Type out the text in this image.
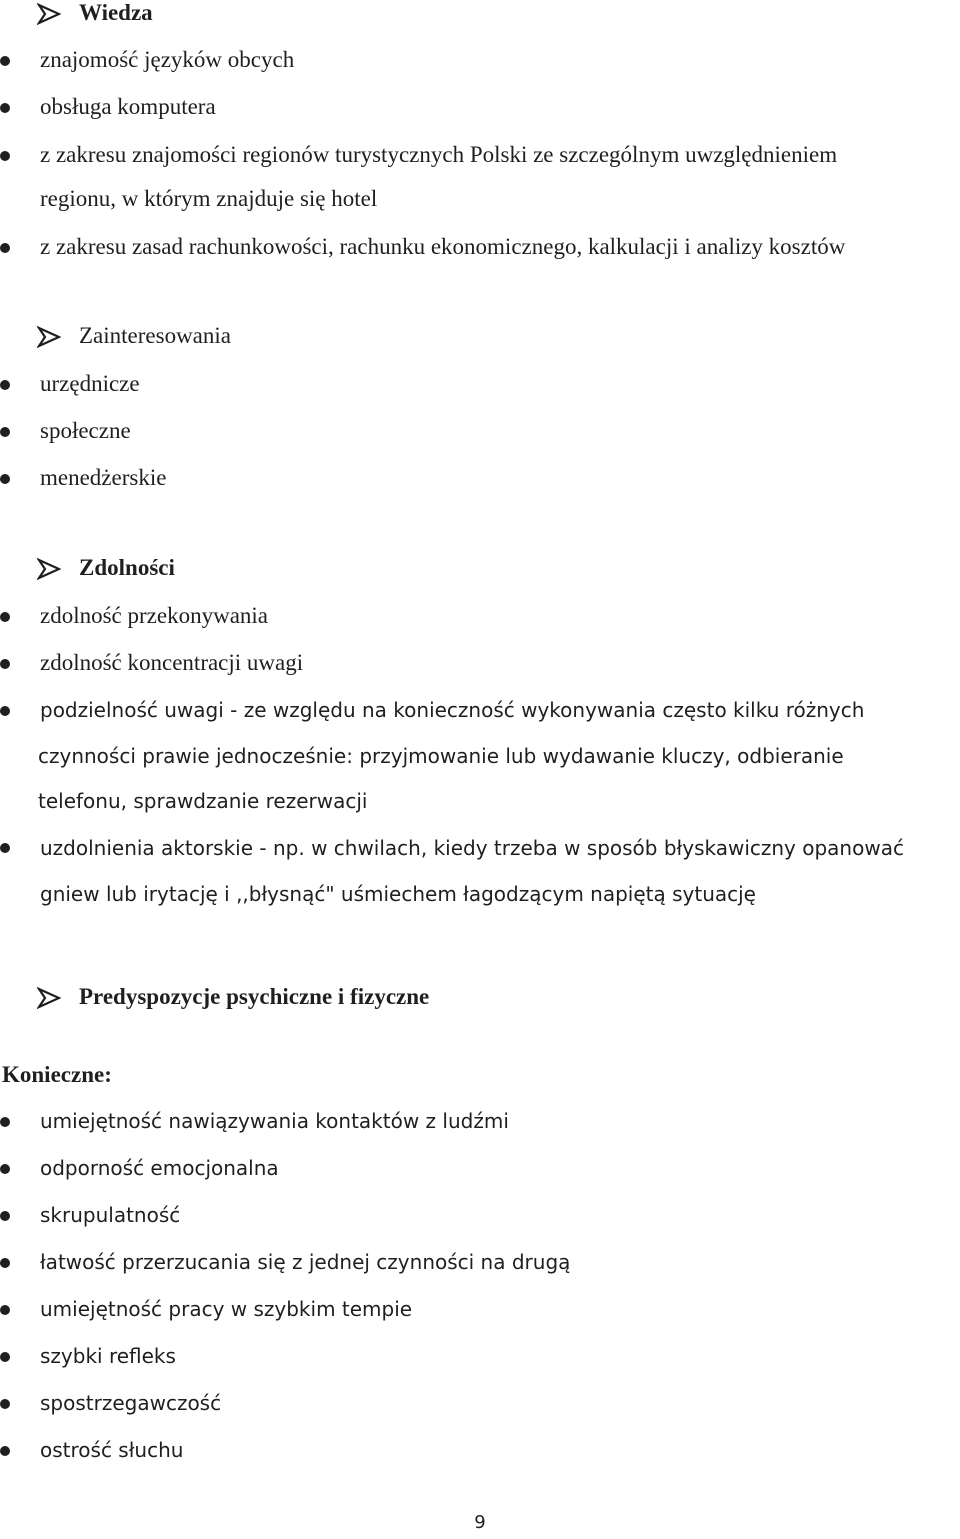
Wiedza
znajomość języków obcych
obsługa komputera
z zakresu znajomości regionów turystycznych Polski ze szczególnym uwzględnieniem
regionu, w którym znajduje się hotel
z zakresu zasad rachunkowości, rachunku ekonomicznego, kalkulacji i analizy kosztów
Zainteresowania
urzędnicze
społeczne
menedżerskie
Zdolności
zdolność przekonywania
zdolność koncentracji uwagi
podzielność uwagi - ze względu na konieczność wykonywania często kilku różnych
czynności prawie jednocześnie: przyjmowanie lub wydawanie kluczy, odbieranie
telefonu, sprawdzanie rezerwacji
uzdolnienia aktorskie - np. w chwilach, kiedy trzeba w sposób błyskawiczny opanować
gniew lub irytację i ,,błysnąć" uśmiechem łagodzącym napiętą sytuację
Predyspozycje psychiczne i fizyczne
Konieczne:
umiejętność nawiązywania kontaktów z ludźmi
odporność emocjonalna
skrupulatność
łatwość przerzucania się z jednej czynności na drugą
umiejętność pracy w szybkim tempie
szybki refleks
spostrzegawczość
ostrość słuchu
9
